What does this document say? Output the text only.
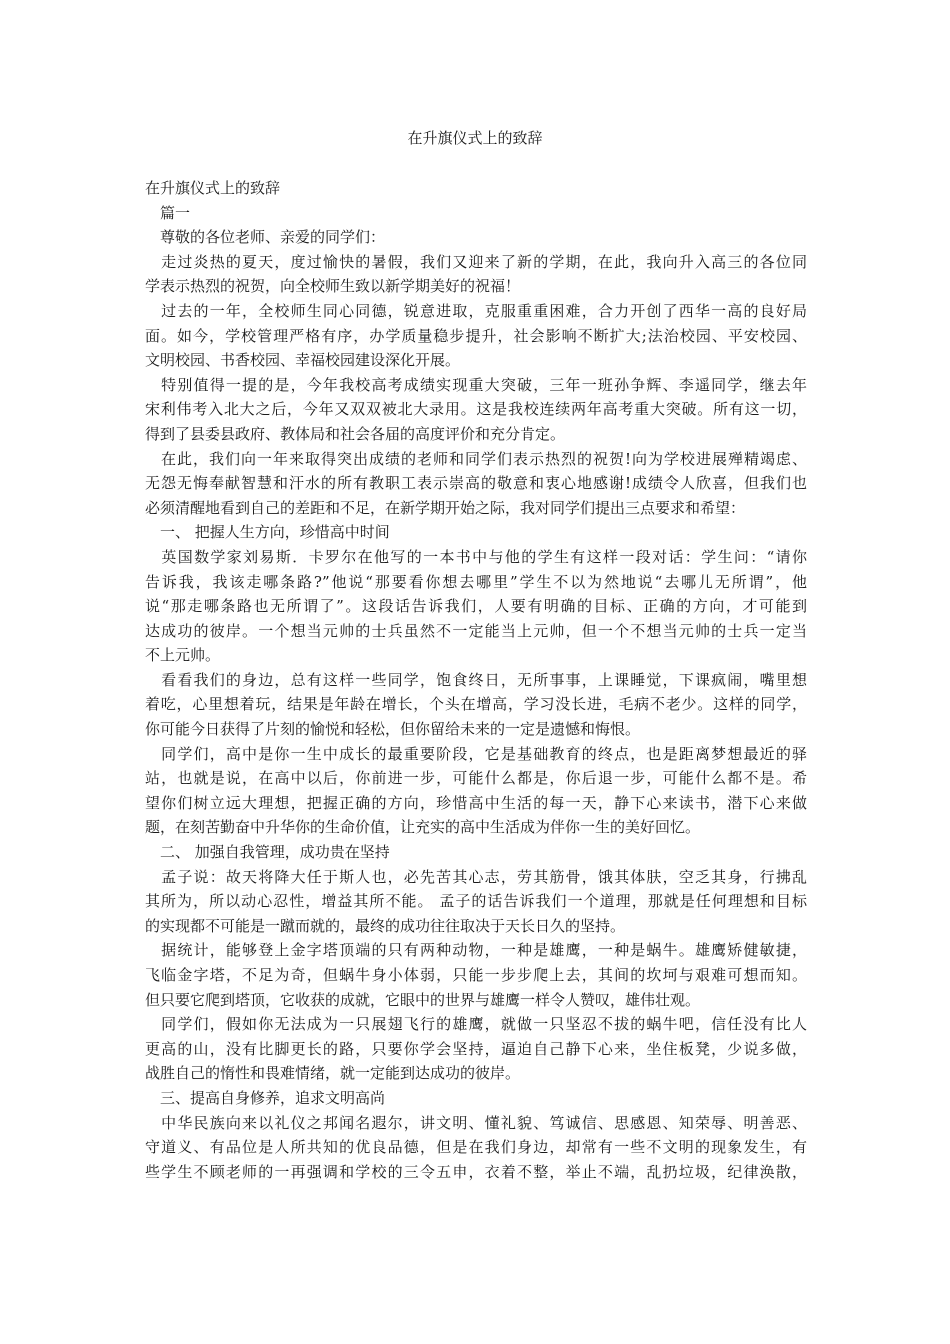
在升旗仪式上的致辞
在升旗仪式上的致辞
　篇一
　尊敬的各位老师、亲爱的同学们：
　走过炎热的夏天，度过愉快的暑假，我们又迎来了新的学期，在此，我向升入高三的各位同
学表示热烈的祝贺，向全校师生致以新学期美好的祝福！
　过去的一年，全校师生同心同德，锐意进取，克服重重困难，合力开创了西华一高的良好局
面。如今，学校管理严格有序，办学质量稳步提升，社会影响不断扩大;法治校园、平安校园、
文明校园、书香校园、幸福校园建设深化开展。
　特别值得一提的是，今年我校高考成绩实现重大突破，三年一班孙争辉、李遥同学，继去年
宋利伟考入北大之后，今年又双双被北大录用。这是我校连续两年高考重大突破。所有这一切，
得到了县委县政府、教体局和社会各届的高度评价和充分肯定。
　在此，我们向一年来取得突出成绩的老师和同学们表示热烈的祝贺!向为学校进展殚精竭虑、
无怨无悔奉献智慧和汗水的所有教职工表示崇高的敬意和衷心地感谢!成绩令人欣喜，但我们也
必须清醒地看到自己的差距和不足，在新学期开始之际，我对同学们提出三点要求和希望：
　一、 把握人生方向，珍惜高中时间
　英国数学家刘易斯．卡罗尔在他写的一本书中与他的学生有这样一段对话：学生问：“请你
告诉我，我该走哪条路?”他说“那要看你想去哪里”学生不以为然地说“去哪儿无所谓”，他
说“那走哪条路也无所谓了”。这段话告诉我们，人要有明确的目标、正确的方向，才可能到
达成功的彼岸。一个想当元帅的士兵虽然不一定能当上元帅，但一个不想当元帅的士兵一定当
不上元帅。
　看看我们的身边，总有这样一些同学，饱食终日，无所事事，上课睡觉，下课疯闹，嘴里想
着吃，心里想着玩，结果是年龄在增长，个头在增高，学习没长进，毛病不老少。这样的同学，
你可能今日获得了片刻的愉悦和轻松，但你留给未来的一定是遗憾和悔恨。
　同学们，高中是你一生中成长的最重要阶段，它是基础教育的终点，也是距离梦想最近的驿
站，也就是说，在高中以后，你前进一步，可能什么都是，你后退一步，可能什么都不是。希
望你们树立远大理想，把握正确的方向，珍惜高中生活的每一天，静下心来读书，潜下心来做
题，在刻苦勤奋中升华你的生命价值，让充实的高中生活成为伴你一生的美好回忆。
　二、 加强自我管理，成功贵在坚持
　孟子说：故天将降大任于斯人也，必先苦其心志，劳其筋骨，饿其体肤，空乏其身，行拂乱
其所为，所以动心忍性，增益其所不能。 孟子的话告诉我们一个道理，那就是任何理想和目标
的实现都不可能是一蹴而就的，最终的成功往往取决于天长日久的坚持。
　据统计，能够登上金字塔顶端的只有两种动物，一种是雄鹰，一种是蜗牛。雄鹰矫健敏捷，
飞临金字塔，不足为奇，但蜗牛身小体弱，只能一步步爬上去，其间的坎坷与艰难可想而知。
但只要它爬到塔顶，它收获的成就，它眼中的世界与雄鹰一样令人赞叹，雄伟壮观。
　同学们，假如你无法成为一只展翅飞行的雄鹰，就做一只坚忍不拔的蜗牛吧，信任没有比人
更高的山，没有比脚更长的路，只要你学会坚持，逼迫自己静下心来，坐住板凳，少说多做，
战胜自己的惰性和畏难情绪，就一定能到达成功的彼岸。
　三、提高自身修养，追求文明高尚
　中华民族向来以礼仪之邦闻名遐尔，讲文明、懂礼貌、笃诚信、思感恩、知荣辱、明善恶、
守道义、有品位是人所共知的优良品德，但是在我们身边，却常有一些不文明的现象发生，有
些学生不顾老师的一再强调和学校的三令五申，衣着不整，举止不端，乱扔垃圾，纪律涣散，
